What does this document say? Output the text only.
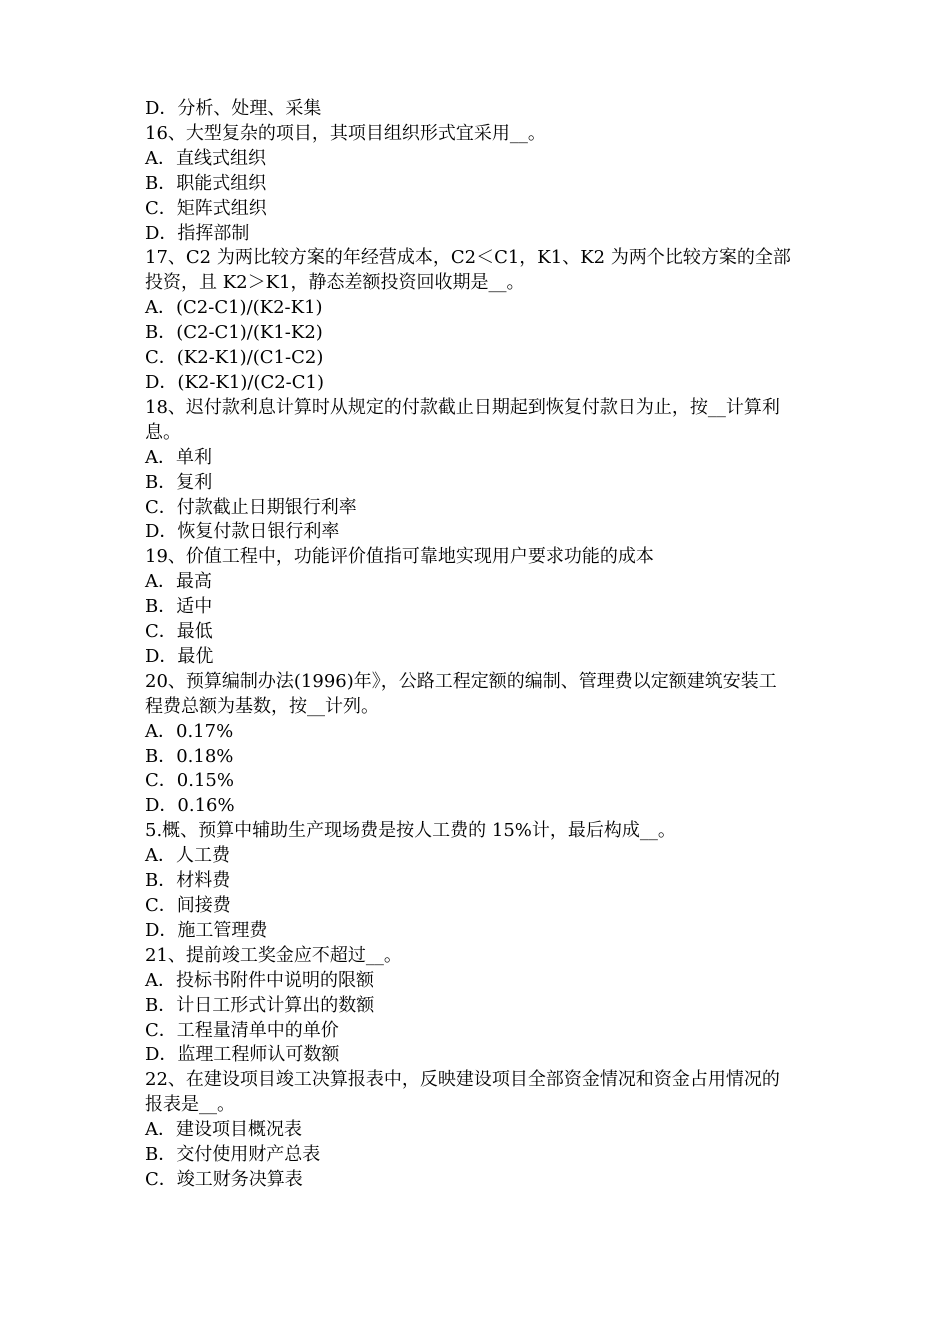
D．分析、处理、采集

16、大型复杂的项目，其项目组织形式宜采用__。

A．直线式组织

B．职能式组织

C．矩阵式组织

D．指挥部制

17、C2 为两比较方案的年经营成本，C2＜C1，K1、K2 为两个比较方案的全部

投资，且 K2＞K1，静态差额投资回收期是__。

A．(C2-C1)/(K2-K1)

B．(C2-C1)/(K1-K2)

C．(K2-K1)/(C1-C2)

D．(K2-K1)/(C2-C1)

18、迟付款利息计算时从规定的付款截止日期起到恢复付款日为止，按__计算利

息。

A．单利

B．复利

C．付款截止日期银行利率

D．恢复付款日银行利率

19、价值工程中，功能评价值指可靠地实现用户要求功能的成本

A．最高

B．适中

C．最低

D．最优

20、预算编制办法(1996)年》，公路工程定额的编制、管理费以定额建筑安装工

程费总额为基数，按__计列。

A．0.17%

B．0.18%

C．0.15%

D．0.16%

5.概、预算中辅助生产现场费是按人工费的 15%计，最后构成__。

A．人工费

B．材料费

C．间接费

D．施工管理费

21、提前竣工奖金应不超过__。

A．投标书附件中说明的限额

B．计日工形式计算出的数额

C．工程量清单中的单价

D．监理工程师认可数额

22、在建设项目竣工决算报表中，反映建设项目全部资金情况和资金占用情况的

报表是__。

A．建设项目概况表

B．交付使用财产总表

C．竣工财务决算表
